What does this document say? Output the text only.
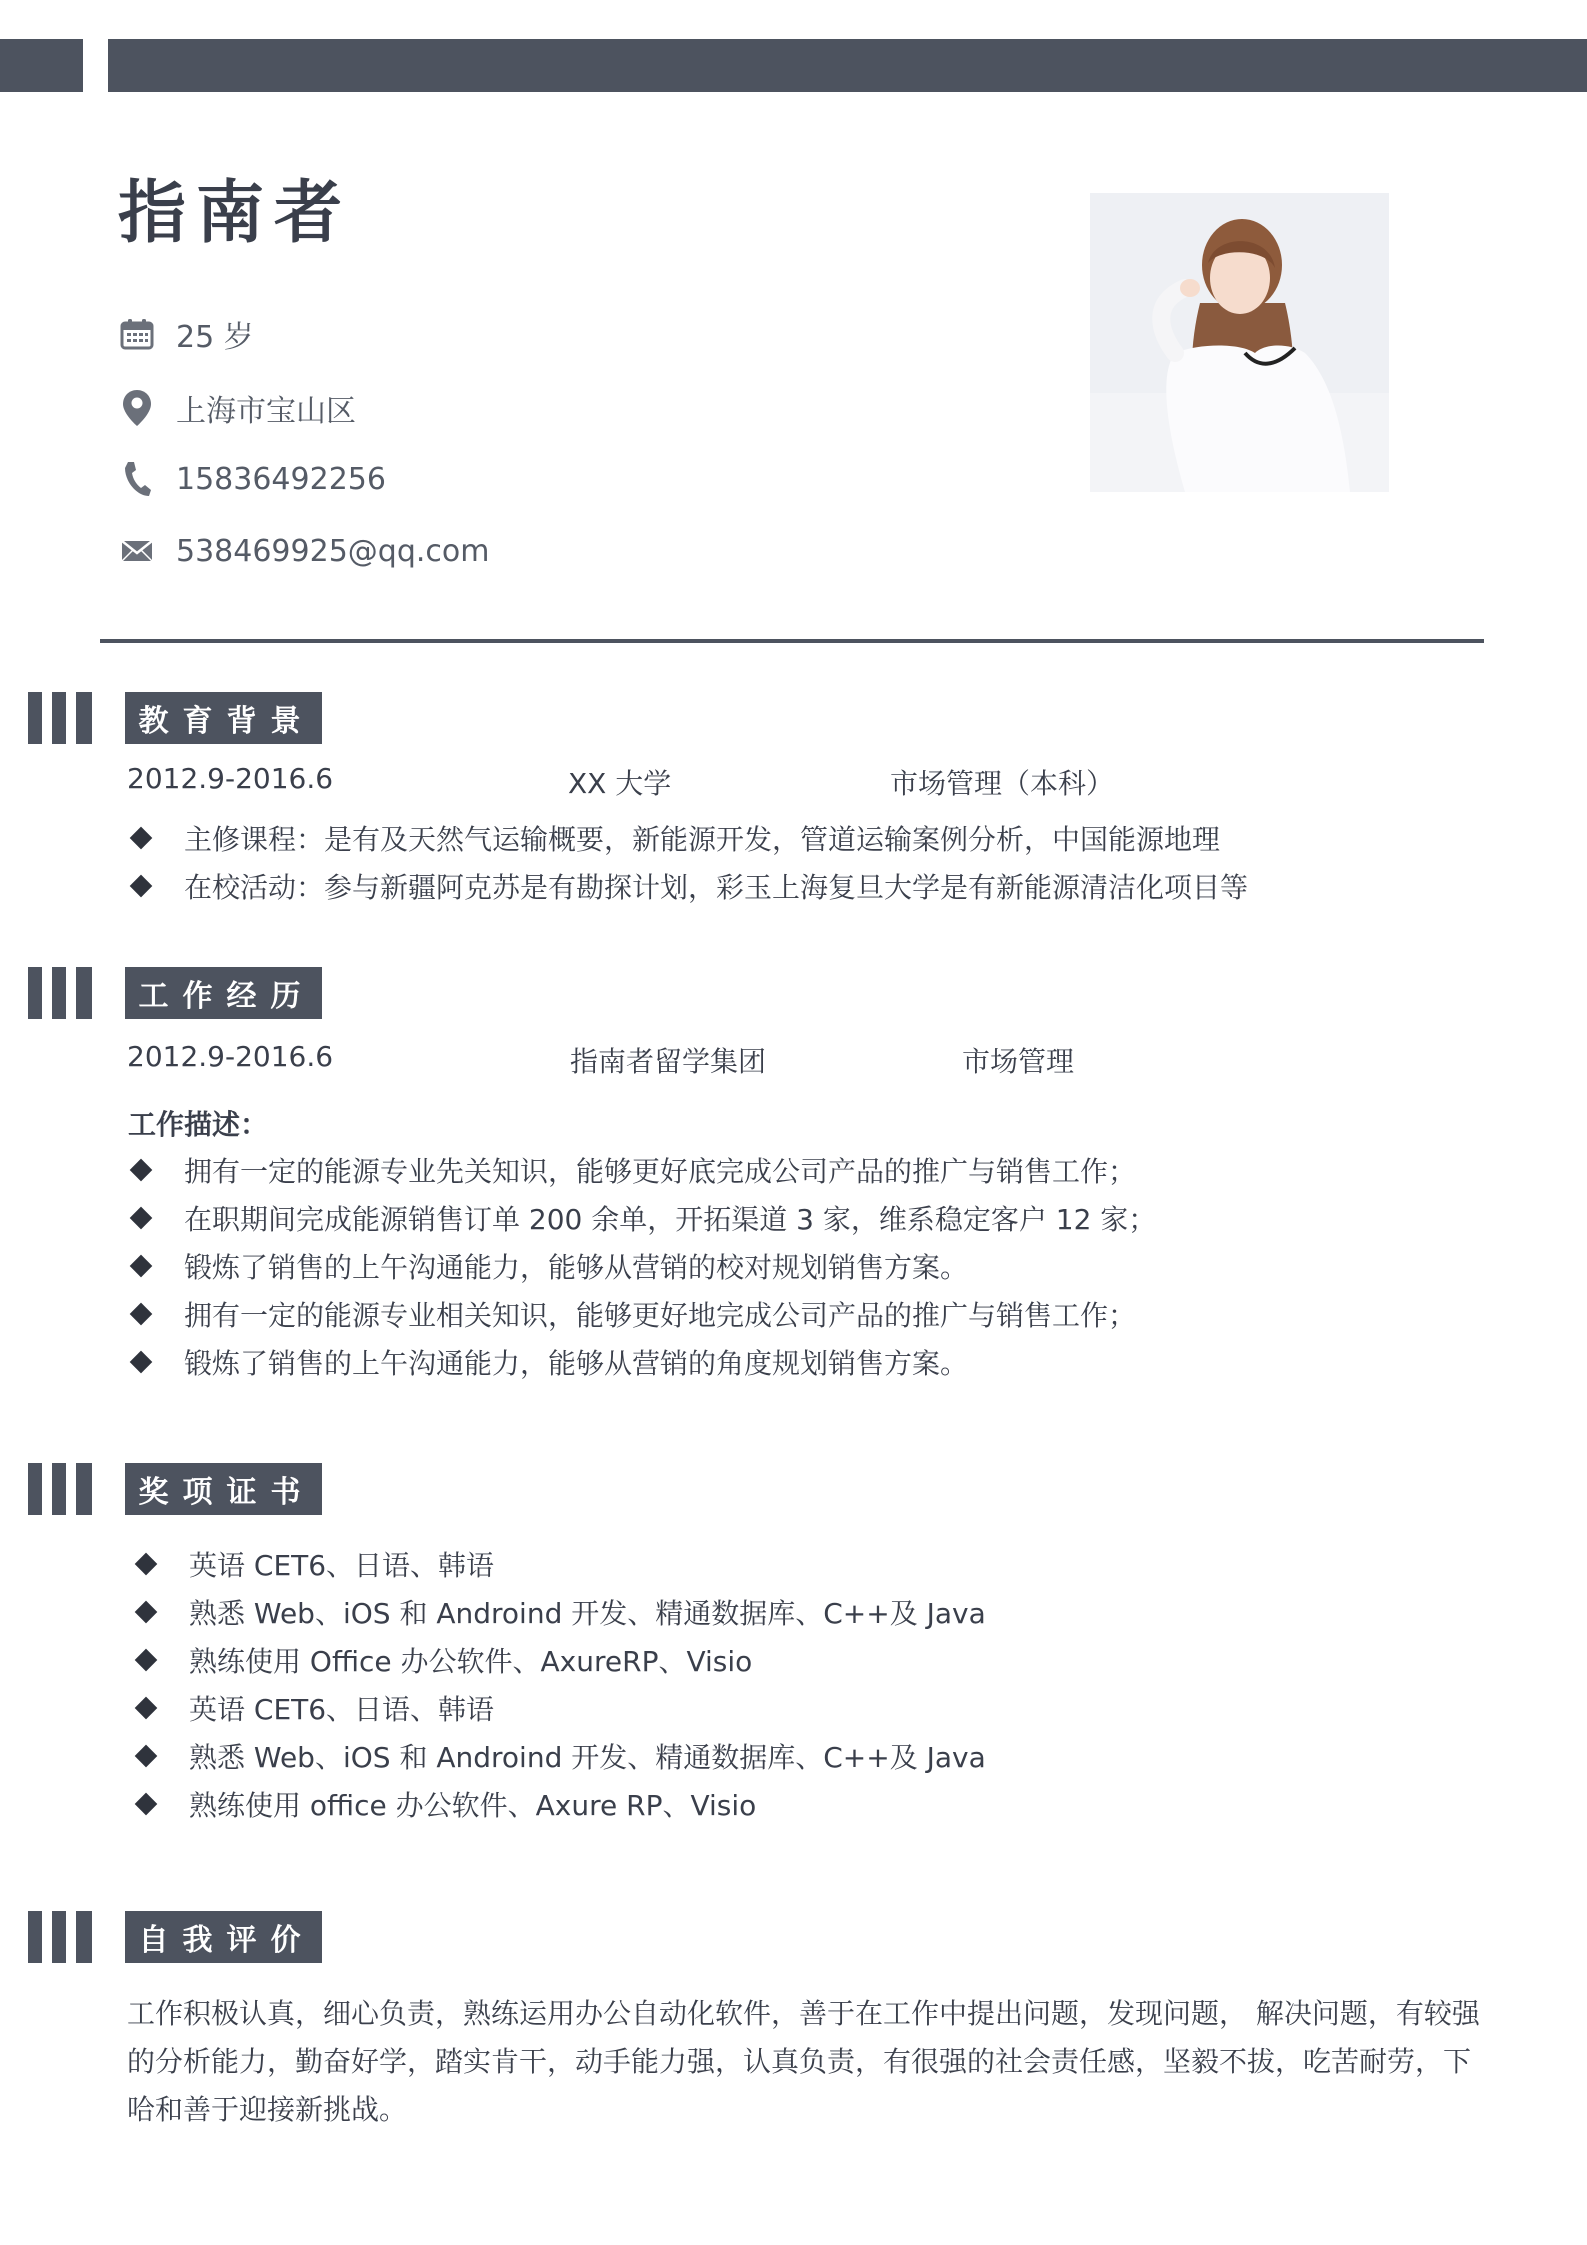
指南者
25 岁
上海市宝山区
15836492256
538469925@qq.com
教育背景
2012.9-2016.6	XX 大学	市场管理（本科）
主修课程：是有及天然气运输概要，新能源开发，管道运输案例分析，中国能源地理
在校活动：参与新疆阿克苏是有勘探计划，彩玉上海复旦大学是有新能源清洁化项目等
工作经历
2012.9-2016.6	指南者留学集团	市场管理
工作描述：
拥有一定的能源专业先关知识，能够更好底完成公司产品的推广与销售工作；
在职期间完成能源销售订单 200 余单，开拓渠道 3 家，维系稳定客户 12 家；
锻炼了销售的上午沟通能力，能够从营销的校对规划销售方案。
拥有一定的能源专业相关知识，能够更好地完成公司产品的推广与销售工作；
锻炼了销售的上午沟通能力，能够从营销的角度规划销售方案。
奖项证书
英语 CET6、日语、韩语
熟悉 Web、iOS 和 Androind 开发、精通数据库、C++及 Java
熟练使用 Office 办公软件、AxureRP、Visio
英语 CET6、日语、韩语
熟悉 Web、iOS 和 Androind 开发、精通数据库、C++及 Java
熟练使用 office 办公软件、Axure RP、Visio
自我评价
工作积极认真，细心负责，熟练运用办公自动化软件，善于在工作中提出问题，发现问题， 解决问题，有较强的分析能力，勤奋好学，踏实肯干，动手能力强，认真负责，有很强的社会责任感，坚毅不拔，吃苦耐劳，下哈和善于迎接新挑战。
